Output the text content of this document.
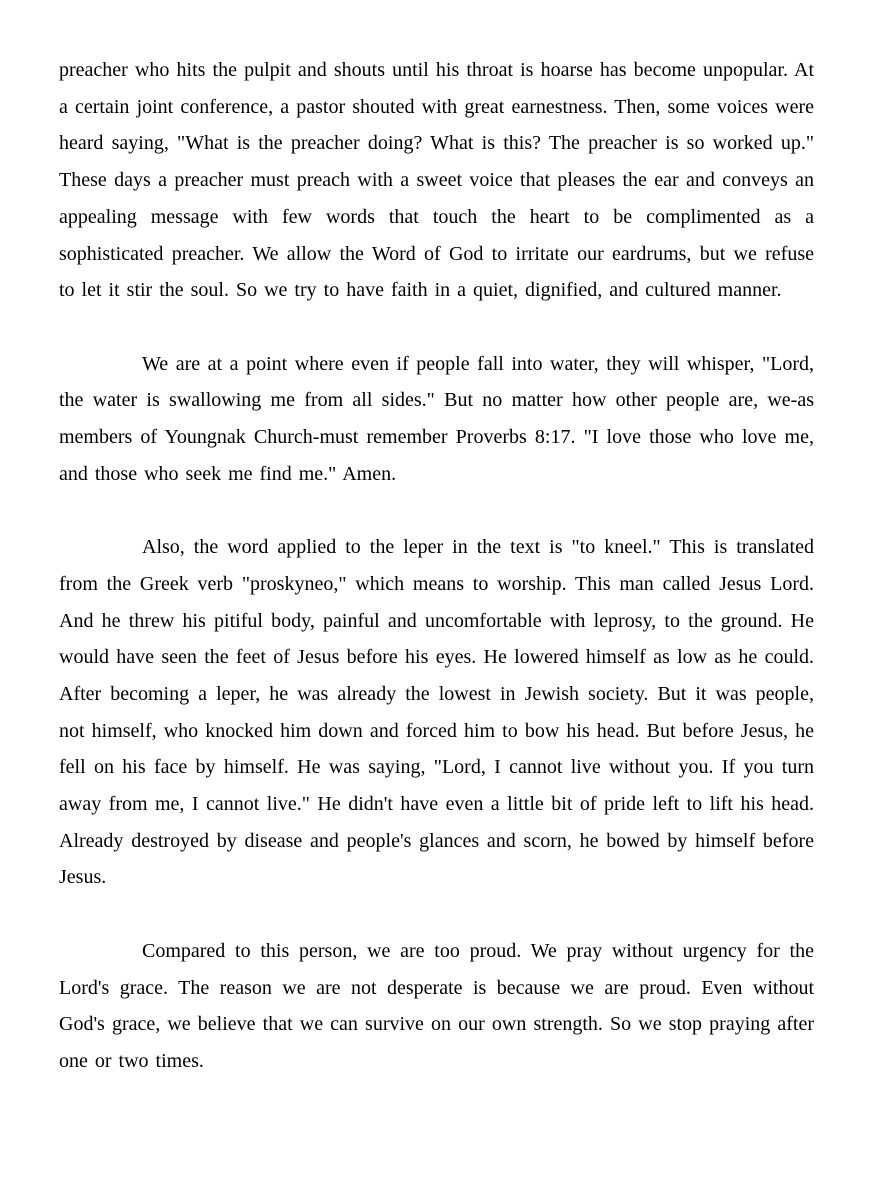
preacher who hits the pulpit and shouts until his throat is hoarse has become unpopular. At a certain joint conference, a pastor shouted with great earnestness. Then, some voices were heard saying, "What is the preacher doing? What is this? The preacher is so worked up." These days a preacher must preach with a sweet voice that pleases the ear and conveys an appealing message with few words that touch the heart to be complimented as a sophisticated preacher. We allow the Word of God to irritate our eardrums, but we refuse to let it stir the soul. So we try to have faith in a quiet, dignified, and cultured manner.

We are at a point where even if people fall into water, they will whisper, "Lord, the water is swallowing me from all sides." But no matter how other people are, we-as members of Youngnak Church-must remember Proverbs 8:17. "I love those who love me, and those who seek me find me." Amen.

Also, the word applied to the leper in the text is "to kneel." This is translated from the Greek verb "proskyneo," which means to worship. This man called Jesus Lord. And he threw his pitiful body, painful and uncomfortable with leprosy, to the ground. He would have seen the feet of Jesus before his eyes. He lowered himself as low as he could. After becoming a leper, he was already the lowest in Jewish society. But it was people, not himself, who knocked him down and forced him to bow his head. But before Jesus, he fell on his face by himself. He was saying, "Lord, I cannot live without you. If you turn away from me, I cannot live." He didn't have even a little bit of pride left to lift his head. Already destroyed by disease and people's glances and scorn, he bowed by himself before Jesus.

Compared to this person, we are too proud. We pray without urgency for the Lord's grace. The reason we are not desperate is because we are proud. Even without God's grace, we believe that we can survive on our own strength. So we stop praying after one or two times.
